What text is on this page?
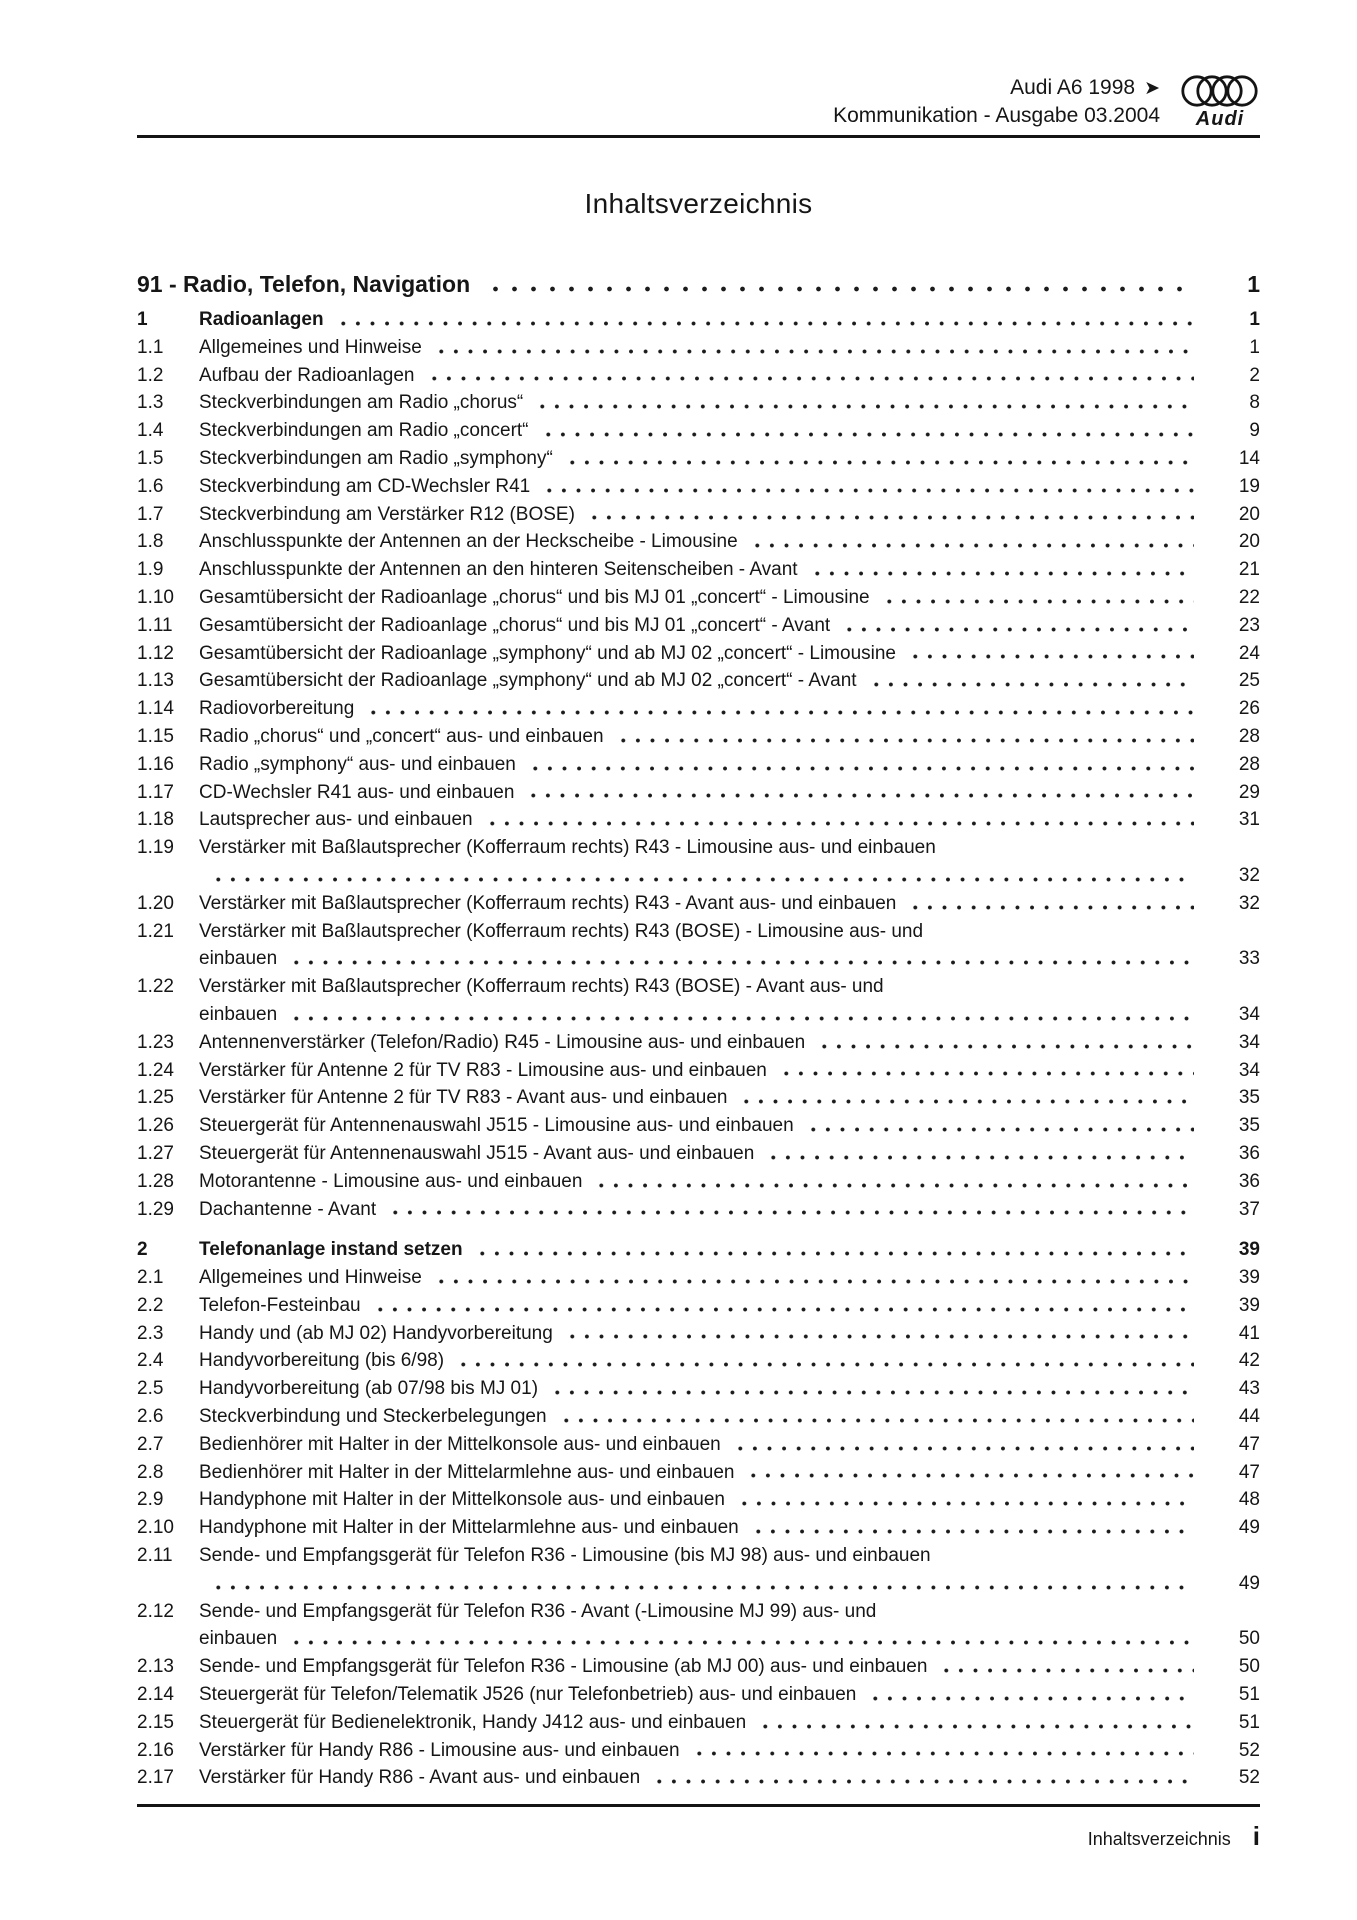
Audi A6 1998 ➤
Kommunikation - Ausgabe 03.2004	Audi
Inhaltsverzeichnis
91 - Radio, Telefon, Navigation	1
1	Radioanlagen	1
1.1	Allgemeines und Hinweise	1
1.2	Aufbau der Radioanlagen	2
1.3	Steckverbindungen am Radio „chorus“	8
1.4	Steckverbindungen am Radio „concert“	9
1.5	Steckverbindungen am Radio „symphony“	14
1.6	Steckverbindung am CD-Wechsler R41	19
1.7	Steckverbindung am Verstärker R12 (BOSE)	20
1.8	Anschlusspunkte der Antennen an der Heckscheibe - Limousine	20
1.9	Anschlusspunkte der Antennen an den hinteren Seitenscheiben - Avant	21
1.10	Gesamtübersicht der Radioanlage „chorus“ und bis MJ 01 „concert“ - Limousine	22
1.11	Gesamtübersicht der Radioanlage „chorus“ und bis MJ 01 „concert“ - Avant	23
1.12	Gesamtübersicht der Radioanlage „symphony“ und ab MJ 02 „concert“ - Limousine	24
1.13	Gesamtübersicht der Radioanlage „symphony“ und ab MJ 02 „concert“ - Avant	25
1.14	Radiovorbereitung	26
1.15	Radio „chorus“ und „concert“ aus- und einbauen	28
1.16	Radio „symphony“ aus- und einbauen	28
1.17	CD-Wechsler R41 aus- und einbauen	29
1.18	Lautsprecher aus- und einbauen	31
1.19	Verstärker mit Baßlautsprecher (Kofferraum rechts) R43 - Limousine aus- und einbauen
32
1.20	Verstärker mit Baßlautsprecher (Kofferraum rechts) R43 - Avant aus- und einbauen	32
1.21	Verstärker mit Baßlautsprecher (Kofferraum rechts) R43 (BOSE) - Limousine aus- und
einbauen	33
1.22	Verstärker mit Baßlautsprecher (Kofferraum rechts) R43 (BOSE) - Avant aus- und
einbauen	34
1.23	Antennenverstärker (Telefon/Radio) R45 - Limousine aus- und einbauen	34
1.24	Verstärker für Antenne 2 für TV R83 - Limousine aus- und einbauen	34
1.25	Verstärker für Antenne 2 für TV R83 - Avant aus- und einbauen	35
1.26	Steuergerät für Antennenauswahl J515 - Limousine aus- und einbauen	35
1.27	Steuergerät für Antennenauswahl J515 - Avant aus- und einbauen	36
1.28	Motorantenne - Limousine aus- und einbauen	36
1.29	Dachantenne - Avant	37
2	Telefonanlage instand setzen	39
2.1	Allgemeines und Hinweise	39
2.2	Telefon-Festeinbau	39
2.3	Handy und (ab MJ 02) Handyvorbereitung	41
2.4	Handyvorbereitung (bis 6/98)	42
2.5	Handyvorbereitung (ab 07/98 bis MJ 01)	43
2.6	Steckverbindung und Steckerbelegungen	44
2.7	Bedienhörer mit Halter in der Mittelkonsole aus- und einbauen	47
2.8	Bedienhörer mit Halter in der Mittelarmlehne aus- und einbauen	47
2.9	Handyphone mit Halter in der Mittelkonsole aus- und einbauen	48
2.10	Handyphone mit Halter in der Mittelarmlehne aus- und einbauen	49
2.11	Sende- und Empfangsgerät für Telefon R36 - Limousine (bis MJ 98) aus- und einbauen
49
2.12	Sende- und Empfangsgerät für Telefon R36 - Avant (-Limousine MJ 99) aus- und
einbauen	50
2.13	Sende- und Empfangsgerät für Telefon R36 - Limousine (ab MJ 00) aus- und einbauen	50
2.14	Steuergerät für Telefon/Telematik J526 (nur Telefonbetrieb) aus- und einbauen	51
2.15	Steuergerät für Bedienelektronik, Handy J412 aus- und einbauen	51
2.16	Verstärker für Handy R86 - Limousine aus- und einbauen	52
2.17	Verstärker für Handy R86 - Avant aus- und einbauen	52
Inhaltsverzeichnis i
